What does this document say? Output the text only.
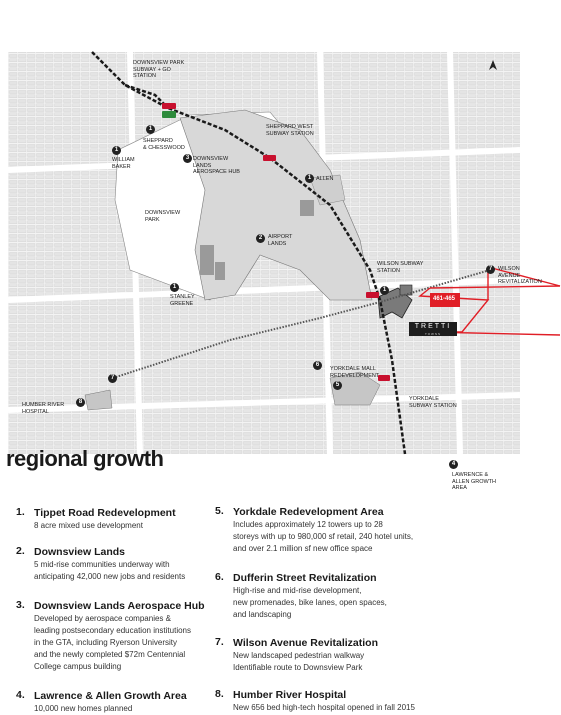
DOWNSVIEW PARK
SUBWAY + GO
STATION
SHEPPARD WEST
SUBWAY STATION
SHEPPARD
& CHESSWOOD
WILLIAM
BAKER
DOWNSVIEW
LANDS
AEROSPACE HUB
ALLEN
DOWNSVIEW
PARK
AIRPORT
LANDS
WILSON SUBWAY
STATION	WILSON
AVENUE
REVITALIZATION
STANLEY
GREENE
YORKDALE MALL
REDEVELOPMENT
HUMBER RIVER
HOSPITAL
YORKDALE
SUBWAY STATION
LAWRENCE &
ALLEN GROWTH
AREA
1
1
1
1	1
2
3
4
5
6
7
7
8
461-465
TRETTI
TOWNS
regional growth
1. Tippet Road Redevelopment
8 acre mixed use development
2. Downsview Lands
5 mid-rise communities underway with
anticipating 42,000 new jobs and residents
3. Downsview Lands Aerospace Hub
Developed by aerospace companies &
leading postsecondary education institutions
in the GTA, including Ryerson University
and the newly completed $72m Centennial
College campus building
4. Lawrence & Allen Growth Area
10,000 new homes planned
5. Yorkdale Redevelopment Area
Includes approximately 12 towers up to 28
storeys with up to 980,000 sf retail, 240 hotel units,
and over 2.1 million sf new office space
6. Dufferin Street Revitalization
High-rise and mid-rise development,
new promenades, bike lanes, open spaces,
and landscaping
7. Wilson Avenue Revitalization
New landscaped pedestrian walkway
Identifiable route to Downsview Park
8. Humber River Hospital
New 656 bed high-tech hospital opened in fall 2015
